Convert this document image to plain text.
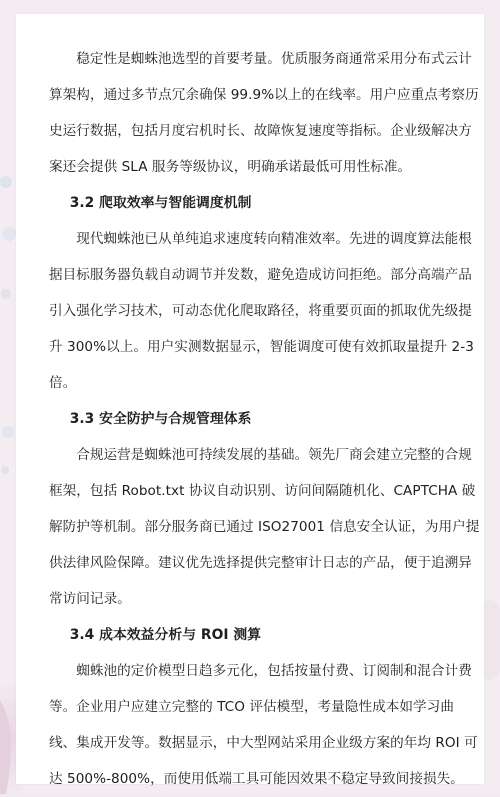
稳定性是蜘蛛池选型的首要考量。优质服务商通常采用分布式云计算架构，通过多节点冗余确保 99.9%以上的在线率。用户应重点考察历史运行数据，包括月度宕机时长、故障恢复速度等指标。企业级解决方案还会提供 SLA 服务等级协议，明确承诺最低可用性标准。

3.2 爬取效率与智能调度机制

现代蜘蛛池已从单纯追求速度转向精准效率。先进的调度算法能根据目标服务器负载自动调节并发数，避免造成访问拒绝。部分高端产品引入强化学习技术，可动态优化爬取路径，将重要页面的抓取优先级提升 300%以上。用户实测数据显示，智能调度可使有效抓取量提升 2-3 倍。

3.3 安全防护与合规管理体系

合规运营是蜘蛛池可持续发展的基础。领先厂商会建立完整的合规框架，包括 Robot.txt 协议自动识别、访问间隔随机化、CAPTCHA 破解防护等机制。部分服务商已通过 ISO27001 信息安全认证，为用户提供法律风险保障。建议优先选择提供完整审计日志的产品，便于追溯异常访问记录。

3.4 成本效益分析与 ROI 测算

蜘蛛池的定价模型日趋多元化，包括按量付费、订阅制和混合计费等。企业用户应建立完整的 TCO 评估模型，考量隐性成本如学习曲线、集成开发等。数据显示，中大型网站采用企业级方案的年均 ROI 可达 500%-800%，而使用低端工具可能因效果不稳定导致间接损失。
